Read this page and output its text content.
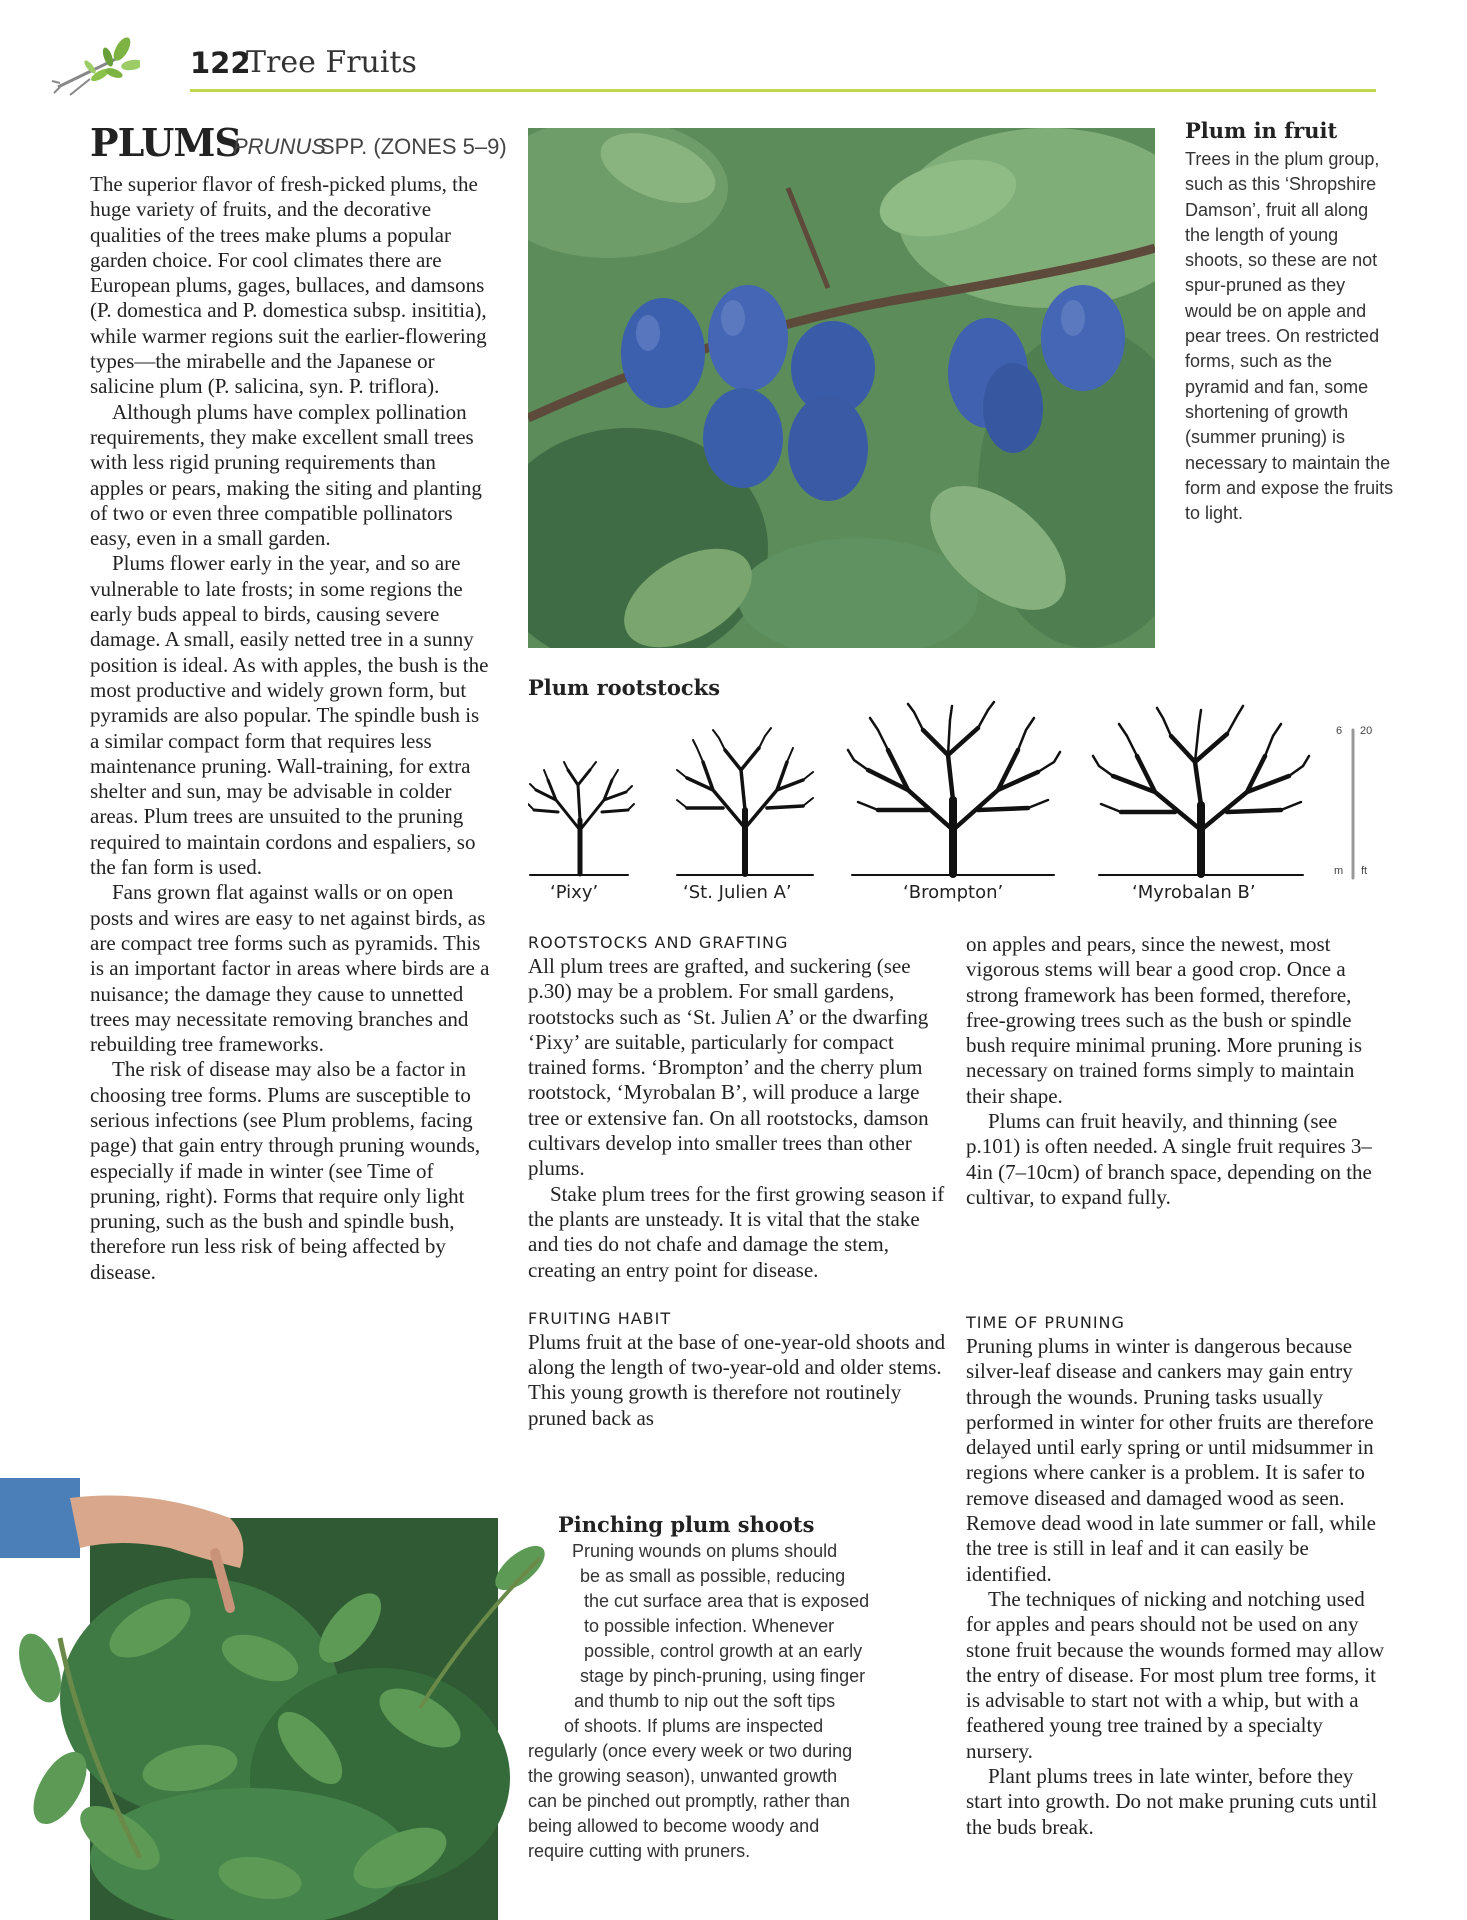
122
Tree Fruits
PLUMS
PRUNUS
SPP. (ZONES 5–9)

The superior flavor of fresh-picked plums, the huge variety of fruits, and the decorative qualities of the trees make plums a popular garden choice. For cool climates there are European plums, gages, bullaces, and damsons (P. domestica and P. domestica subsp. insititia), while warmer regions suit the earlier-flowering types—the mirabelle and the Japanese or salicine plum (P. salicina, syn. P. triflora).

Although plums have complex pollination requirements, they make excellent small trees with less rigid pruning requirements than apples or pears, making the siting and planting of two or even three compatible pollinators easy, even in a small garden.

Plums flower early in the year, and so are vulnerable to late frosts; in some regions the early buds appeal to birds, causing severe damage. A small, easily netted tree in a sunny position is ideal. As with apples, the bush is the most productive and widely grown form, but pyramids are also popular. The spindle bush is a similar compact form that requires less maintenance pruning. Wall-training, for extra shelter and sun, may be advisable in colder areas. Plum trees are unsuited to the pruning required to maintain cordons and espaliers, so the fan form is used.

Fans grown flat against walls or on open posts and wires are easy to net against birds, as are compact tree forms such as pyramids. This is an important factor in areas where birds are a nuisance; the damage they cause to unnetted trees may necessitate removing branches and rebuilding tree frameworks.

The risk of disease may also be a factor in choosing tree forms. Plums are susceptible to serious infections (see Plum problems, facing page) that gain entry through pruning wounds, especially if made in winter (see Time of pruning, right). Forms that require only light pruning, such as the bush and spindle bush, therefore run less risk of being affected by disease.

Plum in fruit
Trees in the plum group, such as this ‘Shropshire Damson’, fruit all along the length of young shoots, so these are not spur-pruned as they would be on apple and pear trees. On restricted forms, such as the pyramid and fan, some shortening of growth (summer pruning) is necessary to maintain the form and expose the fruits to light.
Plum rootstocks
6 20
m ft
‘Pixy’	‘St. Julien A’	‘Brompton’	‘Myrobalan B’
ROOTSTOCKS AND GRAFTING

All plum trees are grafted, and suckering (see p.30) may be a problem. For small gardens, rootstocks such as ‘St. Julien A’ or the dwarfing ‘Pixy’ are suitable, particularly for compact trained forms. ‘Brompton’ and the cherry plum rootstock, ‘Myrobalan B’, will produce a large tree or extensive fan. On all rootstocks, damson cultivars develop into smaller trees than other plums.

Stake plum trees for the first growing season if the plants are unsteady. It is vital that the stake and ties do not chafe and damage the stem, creating an entry point for disease.

FRUITING HABIT

Plums fruit at the base of one-year-old shoots and along the length of two-year-old and older stems. This young growth is therefore not routinely pruned back as

on apples and pears, since the newest, most vigorous stems will bear a good crop. Once a strong framework has been formed, therefore, free-growing trees such as the bush or spindle bush require minimal pruning. More pruning is necessary on trained forms simply to maintain their shape.

Plums can fruit heavily, and thinning (see p.101) is often needed. A single fruit requires 3–4in (7–10cm) of branch space, depending on the cultivar, to expand fully.

TIME OF PRUNING

Pruning plums in winter is dangerous because silver-leaf disease and cankers may gain entry through the wounds. Pruning tasks usually performed in winter for other fruits are therefore delayed until early spring or until midsummer in regions where canker is a problem. It is safer to remove diseased and damaged wood as seen. Remove dead wood in late summer or fall, while the tree is still in leaf and it can easily be identified.

The techniques of nicking and notching used for apples and pears should not be used on any stone fruit because the wounds formed may allow the entry of disease. For most plum tree forms, it is advisable to start not with a whip, but with a feathered young tree trained by a specialty nursery.

Plant plums trees in late winter, before they start into growth. Do not make pruning cuts until the buds break.

Pinching plum shoots
Pruning wounds on plums should
be as small as possible, reducing
the cut surface area that is exposed
to possible infection. Whenever
possible, control growth at an early
stage by pinch-pruning, using finger
and thumb to nip out the soft tips
of shoots. If plums are inspected
regularly (once every week or two during
the growing season), unwanted growth
can be pinched out promptly, rather than
being allowed to become woody and
require cutting with pruners.
